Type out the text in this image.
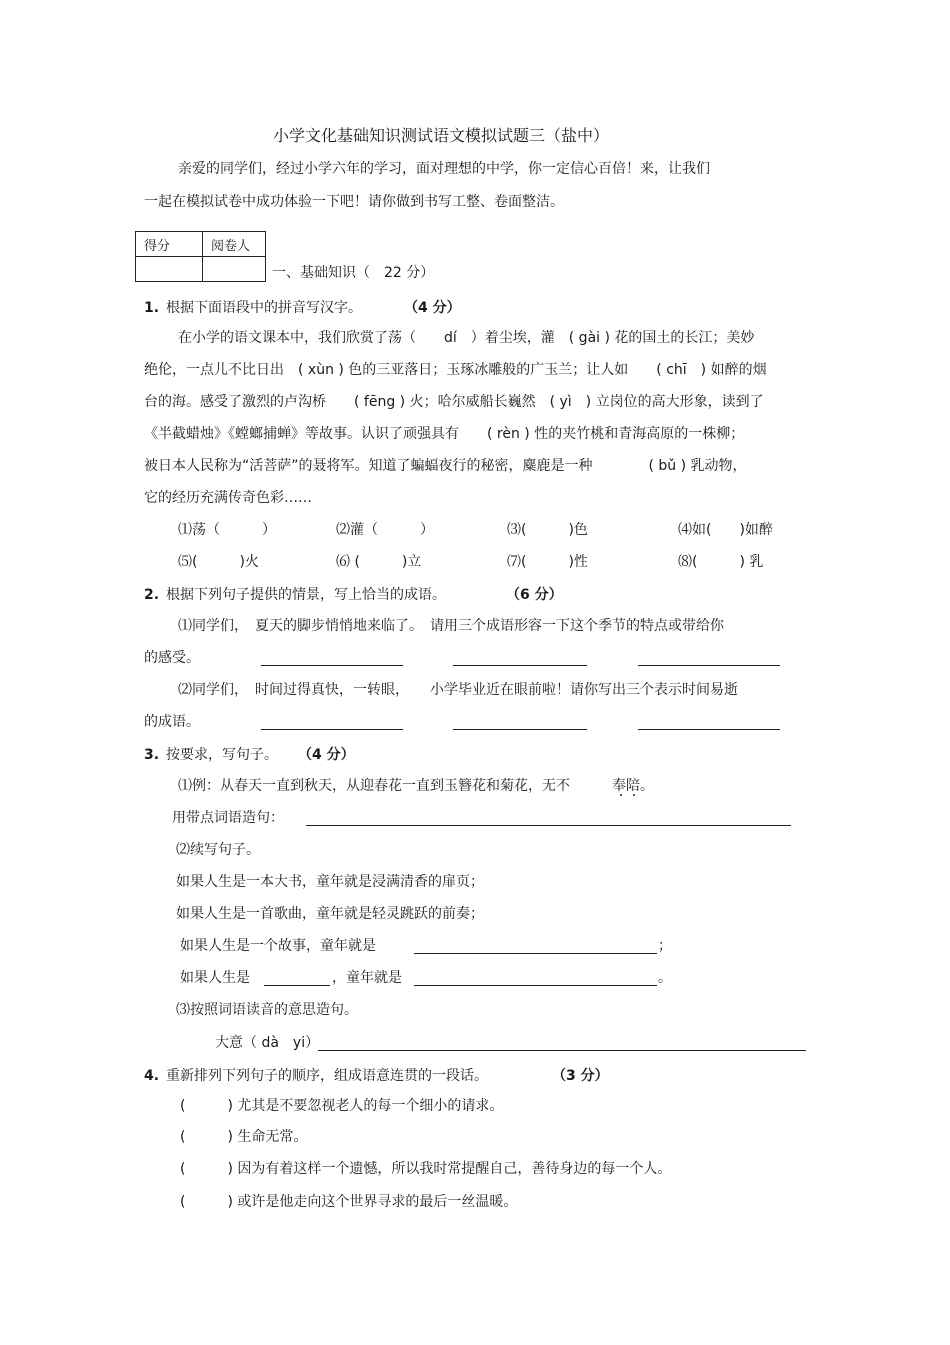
小学文化基础知识测试语文模拟试题三（盐中）
亲爱的同学们，经过小学六年的学习，面对理想的中学，你一定信心百倍！来，让我们
一起在模拟试卷中成功体验一下吧！请你做到书写工整、卷面整洁。
得分	阅卷人

一、基础知识（　22 分）
1. 根据下面语段中的拼音写汉字。	（4 分）
在小学的语文课本中，我们欣赏了荡（　　dí　）着尘埃，灌　( gài ) 花的国土的长江；美妙
绝伦，一点儿不比日出　( xùn ) 色的三亚落日；玉琢冰雕般的广玉兰；让人如　　( chī　) 如醉的烟
台的海。感受了激烈的卢沟桥　　( fēng ) 火；哈尔威船长巍然　( yì　) 立岗位的高大形象，读到了
《半截蜡烛》《螳螂捕蝉》等故事。认识了顽强具有　　( rèn ) 性的夹竹桃和青海高原的一株柳；
被日本人民称为“活菩萨”的聂将军。知道了蝙蝠夜行的秘密，麋鹿是一种　　　　( bǔ ) 乳动物，
它的经历充满传奇色彩……
⑴荡（　　　）	⑵灌（　　　）	⑶(　　　)色	⑷如(　　)如醉
⑸(　　　)火	⑹ (　　　)立	⑺(　　　)性	⑻(　　　) 乳
2. 根据下列句子提供的情景，写上恰当的成语。	（6 分）
⑴同学们，　夏天的脚步悄悄地来临了。　请用三个成语形容一下这个季节的特点或带给你
的感受。
⑵同学们，　时间过得真快，一转眼，　　小学毕业近在眼前啦！请你写出三个表示时间易逝
的成语。
3. 按要求，写句子。 （4 分）
⑴例：从春天一直到秋天，从迎春花一直到玉簪花和菊花，无不　　　奉陪。
用带点词语造句：
⑵续写句子。
如果人生是一本大书，童年就是浸满清香的扉页；
如果人生是一首歌曲，童年就是轻灵跳跃的前奏；
如果人生是一个故事，童年就是	；
如果人生是	，童年就是	。
⑶按照词语读音的意思造句。
大意（ dà　yi）
4. 重新排列下列句子的顺序，组成语意连贯的一段话。	（3 分）
(　　　) 尤其是不要忽视老人的每一个细小的请求。
(　　　) 生命无常。
(　　　) 因为有着这样一个遗憾，所以我时常提醒自己，善待身边的每一个人。
(　　　) 或许是他走向这个世界寻求的最后一丝温暖。
